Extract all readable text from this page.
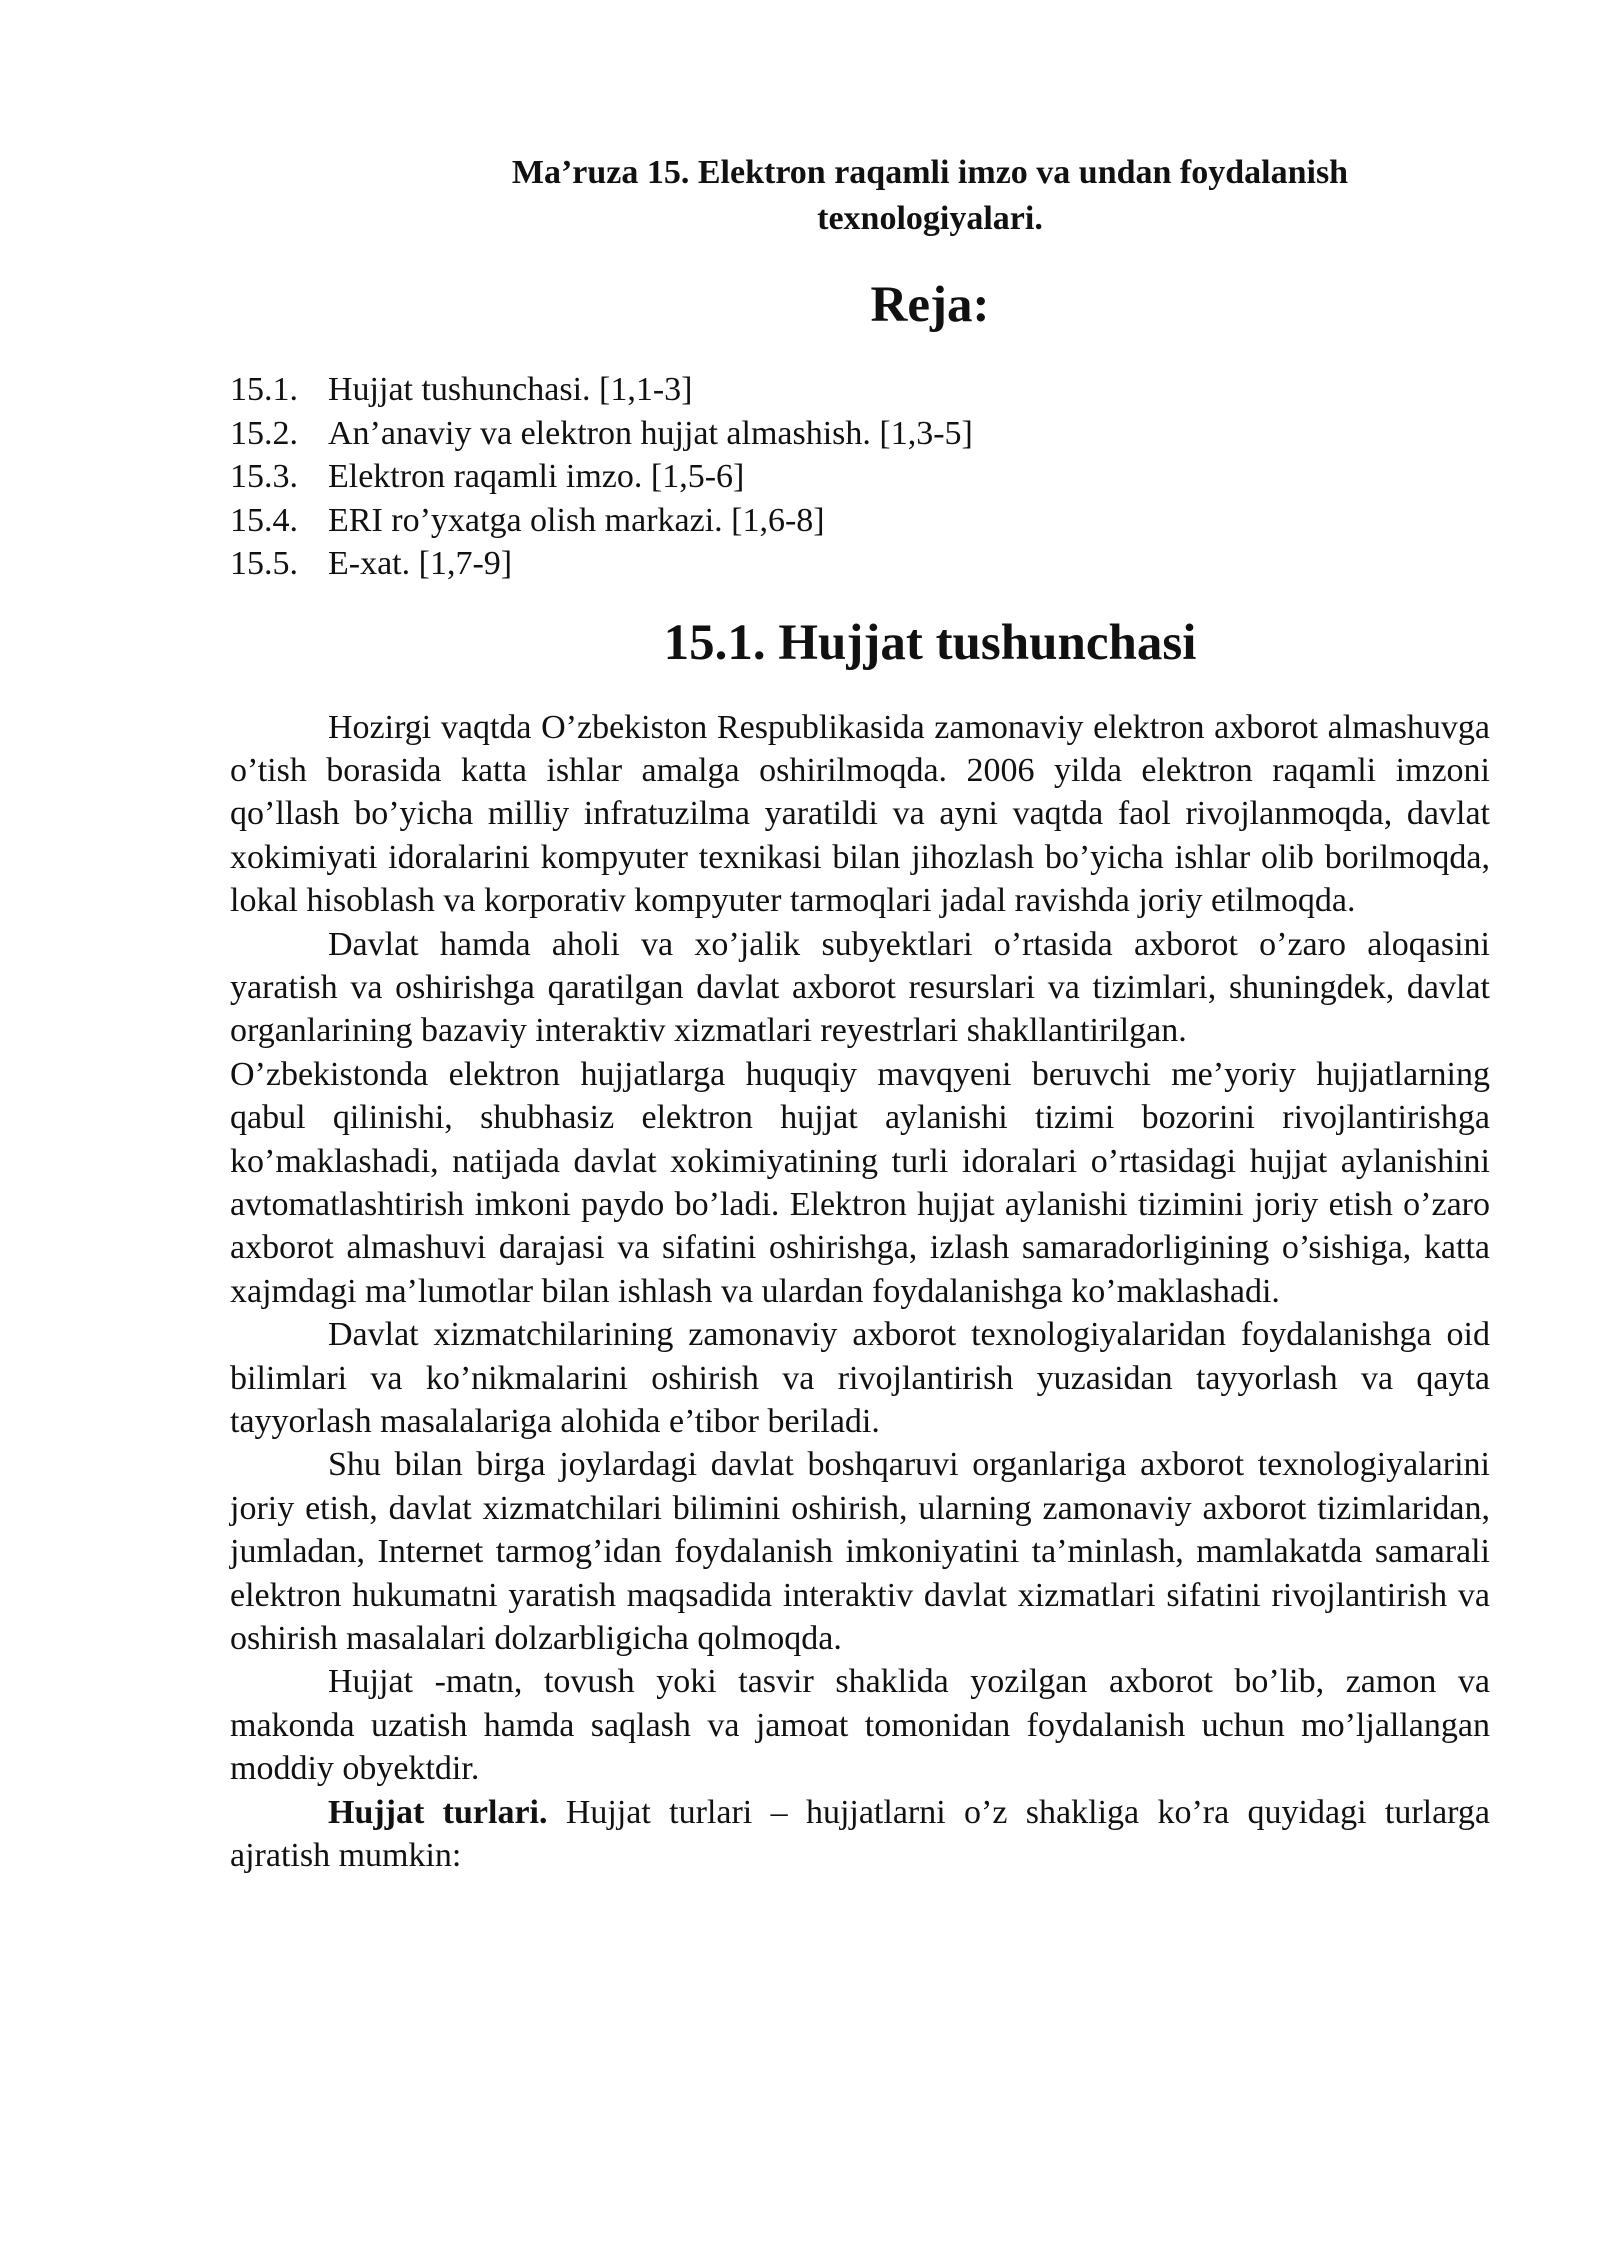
Ma’ruza 15. Elektron raqamli imzo va undan foydalanish
texnologiyalari.
Reja:
15.1. Hujjat tushunchasi. [1,1-3]
15.2. An’anaviy va elektron hujjat almashish. [1,3-5]
15.3. Elektron raqamli imzo. [1,5-6]
15.4. ERI ro’yxatga olish markazi. [1,6-8]
15.5. E-xat. [1,7-9]
15.1. Hujjat tushunchasi

Hozirgi vaqtda O’zbekiston Respublikasida zamonaviy elektron axborot almashuvga o’tish borasida katta ishlar amalga oshirilmoqda. 2006 yilda elektron raqamli imzoni qo’llash bo’yicha milliy infratuzilma yaratildi va ayni vaqtda faol rivojlanmoqda, davlat xokimiyati idoralarini kompyuter texnikasi bilan jihozlash bo’yicha ishlar olib borilmoqda, lokal hisoblash va korporativ kompyuter tarmoqlari jadal ravishda joriy etilmoqda.

Davlat hamda aholi va xo’jalik subyektlari o’rtasida axborot o’zaro aloqasini yaratish va oshirishga qaratilgan davlat axborot resurslari va tizimlari, shuningdek, davlat organlarining bazaviy interaktiv xizmatlari reyestrlari shakllantirilgan.

O’zbekistonda elektron hujjatlarga huquqiy mavqyeni beruvchi me’yoriy hujjatlarning qabul qilinishi, shubhasiz elektron hujjat aylanishi tizimi bozorini rivojlantirishga ko’maklashadi, natijada davlat xokimiyatining turli idoralari o’rtasidagi hujjat aylanishini avtomatlashtirish imkoni paydo bo’ladi. Elektron hujjat aylanishi tizimini joriy etish o’zaro axborot almashuvi darajasi va sifatini oshirishga, izlash samaradorligining o’sishiga, katta xajmdagi ma’lumotlar bilan ishlash va ulardan foydalanishga ko’maklashadi.

Davlat xizmatchilarining zamonaviy axborot texnologiyalaridan foydalanishga oid bilimlari va ko’nikmalarini oshirish va rivojlantirish yuzasidan tayyorlash va qayta tayyorlash masalalariga alohida e’tibor beriladi.

Shu bilan birga joylardagi davlat boshqaruvi organlariga axborot texnologiyalarini joriy etish, davlat xizmatchilari bilimini oshirish, ularning zamonaviy axborot tizimlaridan, jumladan, Internet tarmog’idan foydalanish imkoniyatini ta’minlash, mamlakatda samarali elektron hukumatni yaratish maqsadida interaktiv davlat xizmatlari sifatini rivojlantirish va oshirish masalalari dolzarbligicha qolmoqda.

Hujjat -matn, tovush yoki tasvir shaklida yozilgan axborot bo’lib, zamon va makonda uzatish hamda saqlash va jamoat tomonidan foydalanish uchun mo’ljallangan moddiy obyektdir.

Hujjat turlari. Hujjat turlari – hujjatlarni o’z shakliga ko’ra quyidagi turlarga ajratish mumkin:
